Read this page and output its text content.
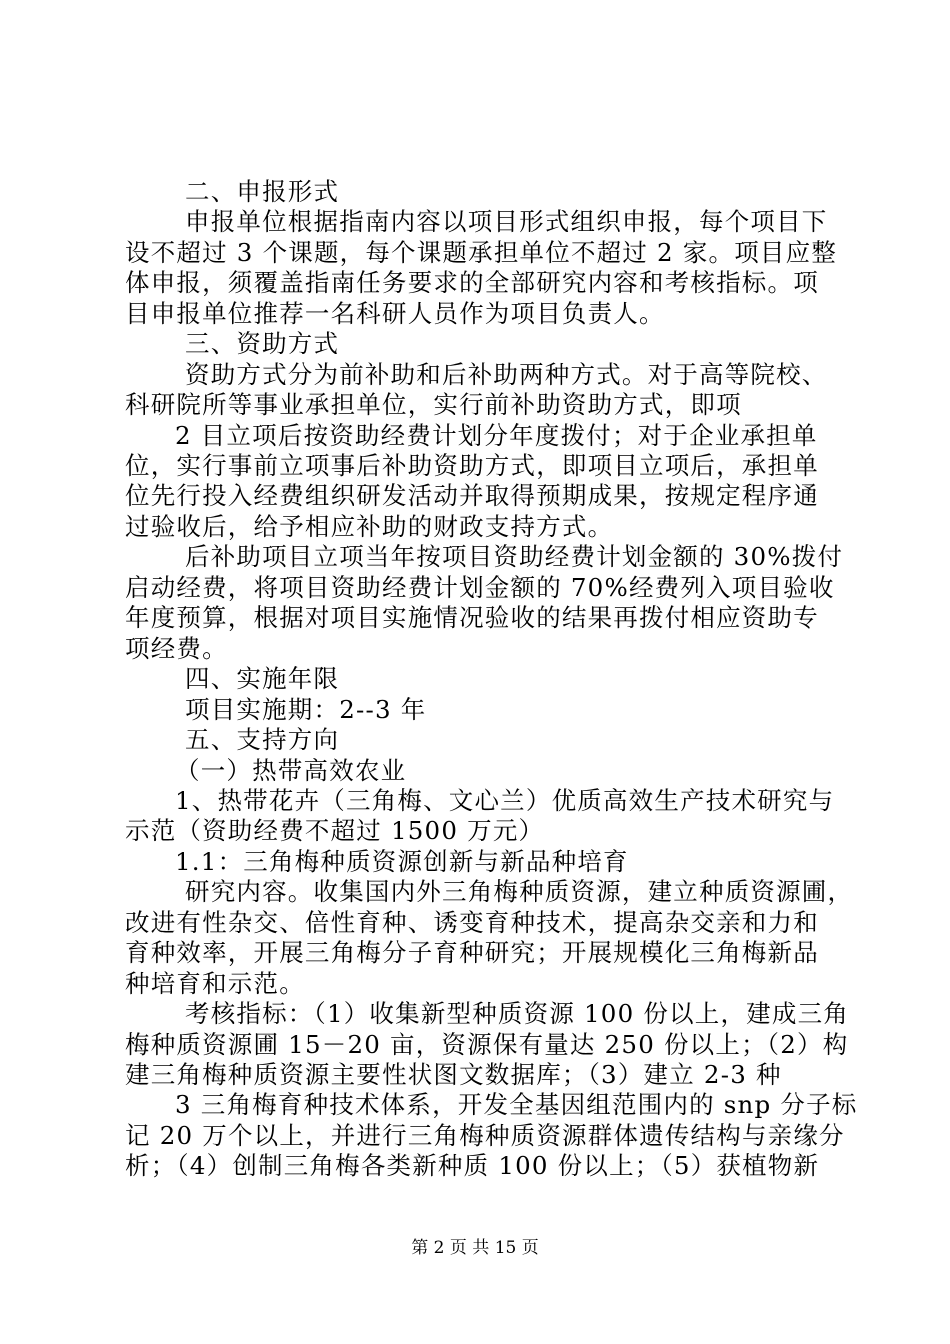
二、申报形式
申报单位根据指南内容以项目形式组织申报，每个项目下
设不超过 3 个课题，每个课题承担单位不超过 2 家。项目应整
体申报，须覆盖指南任务要求的全部研究内容和考核指标。项
目申报单位推荐一名科研人员作为项目负责人。
三、资助方式
资助方式分为前补助和后补助两种方式。对于高等院校、
科研院所等事业承担单位，实行前补助资助方式，即项
2 目立项后按资助经费计划分年度拨付；对于企业承担单
位，实行事前立项事后补助资助方式，即项目立项后，承担单
位先行投入经费组织研发活动并取得预期成果，按规定程序通
过验收后，给予相应补助的财政支持方式。
后补助项目立项当年按项目资助经费计划金额的 30%拨付
启动经费，将项目资助经费计划金额的 70%经费列入项目验收
年度预算，根据对项目实施情况验收的结果再拨付相应资助专
项经费。
四、实施年限
项目实施期：2--3 年
五、支持方向
（一）热带高效农业
1、热带花卉（三角梅、文心兰）优质高效生产技术研究与
示范（资助经费不超过 1500 万元）
1.1：三角梅种质资源创新与新品种培育
研究内容。收集国内外三角梅种质资源，建立种质资源圃，
改进有性杂交、倍性育种、诱变育种技术，提高杂交亲和力和
育种效率，开展三角梅分子育种研究；开展规模化三角梅新品
种培育和示范。
考核指标：（1）收集新型种质资源 100 份以上，建成三角
梅种质资源圃 15－20 亩，资源保有量达 250 份以上；（2）构
建三角梅种质资源主要性状图文数据库；（3）建立 2-3 种
3 三角梅育种技术体系，开发全基因组范围内的 snp 分子标
记 20 万个以上，并进行三角梅种质资源群体遗传结构与亲缘分
析；（4）创制三角梅各类新种质 100 份以上；（5）获植物新
第 2 页 共 15 页
